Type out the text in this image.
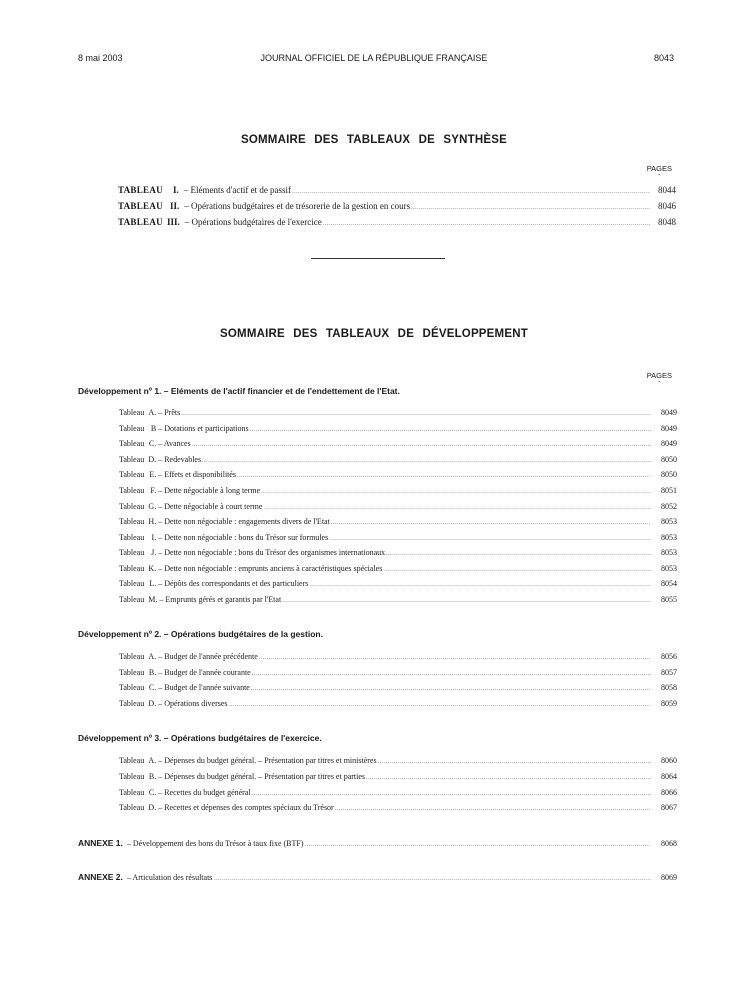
8 mai 2003	JOURNAL OFFICIEL DE LA RÉPUBLIQUE FRANÇAISE	8043
SOMMAIRE DES TABLEAUX DE SYNTHÈSE
PAGES
-
TABLEAU I. – Eléments d'actif et de passif .....	8044
TABLEAU II. – Opérations budgétaires et de trésorerie de la gestion en cours .....	8046
TABLEAU III. – Opérations budgétaires de l'exercice .....	8048
SOMMAIRE DES TABLEAUX DE DÉVELOPPEMENT
PAGES
-
Développement nº 1. – Eléments de l'actif financier et de l'endettement de l'Etat.
Tableau A. – Prêts .....	8049
Tableau B – Dotations et participations .....	8049
Tableau C. – Avances .....	8049
Tableau D. – Redevables .....	8050
Tableau E. – Effets et disponibilités .....	8050
Tableau F. – Dette négociable à long terme .....	8051
Tableau G. – Dette négociable à court terme .....	8052
Tableau H. – Dette non négociable : engagements divers de l'Etat .....	8053
Tableau I. – Dette non négociable : bons du Trésor sur formules .....	8053
Tableau J. – Dette non négociable : bons du Trésor des organismes internationaux .....	8053
Tableau K. – Dette non négociable : emprunts anciens à caractéristiques spéciales .....	8053
Tableau L. – Dépôts des correspondants et des particuliers .....	8054
Tableau M. – Emprunts gérés et garantis par l'Etat .....	8055
Développement nº 2. – Opérations budgétaires de la gestion.
Tableau A. – Budget de l'année précédente .....	8056
Tableau B. – Budget de l'année courante .....	8057
Tableau C. – Budget de l'année suivante .....	8058
Tableau D. – Opérations diverses .....	8059
Développement nº 3. – Opérations budgétaires de l'exercice.
Tableau A. – Dépenses du budget général. – Présentation par titres et ministères .....	8060
Tableau B. – Dépenses du budget général. – Présentation par titres et parties .....	8064
Tableau C. – Recettes du budget général .....	8066
Tableau D. – Recettes et dépenses des comptes spéciaux du Trésor .....	8067
ANNEXE 1. – Développement des bons du Trésor à taux fixe (BTF) .....	8068
ANNEXE 2. – Articulation des résultats .....	8069
